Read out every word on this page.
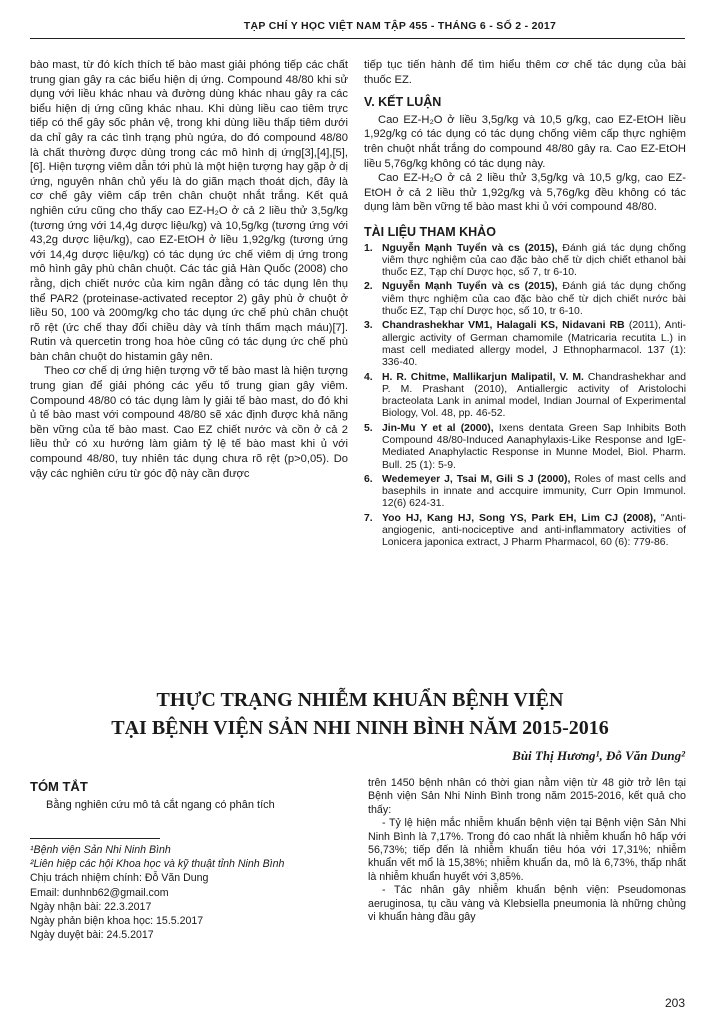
TẠP CHÍ Y HỌC VIỆT NAM TẬP 455 - THÁNG 6 - SỐ 2 - 2017

bào mast, từ đó kích thích tế bào mast giải phóng tiếp các chất trung gian gây ra các biểu hiện dị ứng. Compound 48/80 khi sử dụng với liều khác nhau và đường dùng khác nhau gây ra các biểu hiện dị ứng cũng khác nhau. Khi dùng liều cao tiêm trực tiếp có thể gây sốc phản vệ, trong khi dùng liều thấp tiêm dưới da chỉ gây ra các tình trạng phù ngứa, do đó compound 48/80 là chất thường được dùng trong các mô hình dị ứng[3],[4],[5],[6]. Hiện tượng viêm dẫn tới phù là một hiện tượng hay gặp ở dị ứng, nguyên nhân chủ yếu là do giãn mạch thoát dịch, đây là cơ chế gây viêm cấp trên chân chuột nhắt trắng. Kết quả nghiên cứu cũng cho thấy cao EZ-H₂O ở cả 2 liều thử 3,5g/kg (tương ứng với 14,4g dược liệu/kg) và 10,5g/kg (tương ứng với 43,2g dược liệu/kg), cao EZ-EtOH ở liều 1,92g/kg (tương ứng với 14,4g dược liệu/kg) có tác dụng ức chế viêm dị ứng trong mô hình gây phù chân chuột. Các tác giả Hàn Quốc (2008) cho rằng, dịch chiết nước của kim ngân đằng có tác dụng lên thụ thể PAR2 (proteinase-activated receptor 2) gây phù ở chuột ở liều 50, 100 và 200mg/kg cho tác dụng ức chế phù chân chuột rõ rệt (ức chế thay đổi chiều dày và tính thấm mạch máu)[7]. Rutin và quercetin trong hoa hòe cũng có tác dụng ức chế phù bàn chân chuột do histamin gây nên.

Theo cơ chế dị ứng hiện tượng vỡ tế bào mast là hiện tượng trung gian để giải phóng các yếu tố trung gian gây viêm. Compound 48/80 có tác dụng làm ly giải tế bào mast, do đó khi ủ tế bào mast với compound 48/80 sẽ xác định được khả năng bền vững của tế bào mast. Cao EZ chiết nước và cồn ở cả 2 liều thử có xu hướng làm giảm tỷ lệ tế bào mast khi ủ với compound 48/80, tuy nhiên tác dụng chưa rõ rệt (p>0,05). Do vậy các nghiên cứu từ góc độ này cần được

tiếp tục tiến hành để tìm hiểu thêm cơ chế tác dụng của bài thuốc EZ.

V. KẾT LUẬN

Cao EZ-H₂O ở liều 3,5g/kg và 10,5 g/kg, cao EZ-EtOH liều 1,92g/kg có tác dụng có tác dụng chống viêm cấp thực nghiệm trên chuột nhắt trắng do compound 48/80 gây ra. Cao EZ-EtOH liều 5,76g/kg không có tác dụng này.

Cao EZ-H₂O ở cả 2 liều thử 3,5g/kg và 10,5 g/kg, cao EZ-EtOH ở cả 2 liều thử 1,92g/kg và 5,76g/kg đều không có tác dụng làm bền vững tế bào mast khi ủ với compound 48/80.

TÀI LIỆU THAM KHẢO
1. Nguyễn Mạnh Tuyển và cs (2015), Đánh giá tác dụng chống viêm thực nghiệm của cao đặc bào chế từ dịch chiết ethanol bài thuốc EZ, Tạp chí Dược học, số 7, tr 6-10.
2. Nguyễn Mạnh Tuyển và cs (2015), Đánh giá tác dụng chống viêm thực nghiệm của cao đặc bào chế từ dịch chiết nước bài thuốc EZ, Tạp chí Dược học, số 10, tr 6-10.
3. Chandrashekhar VM1, Halagali KS, Nidavani RB (2011), Anti-allergic activity of German chamomile (Matricaria recutita L.) in mast cell mediated allergy model, J Ethnopharmacol. 137 (1): 336-40.
4. H. R. Chitme, Mallikarjun Malipatil, V. M. Chandrashekhar and P. M. Prashant (2010), Antiallergic activity of Aristolochi bracteolata Lank in animal model, Indian Journal of Experimental Biology, Vol. 48, pp. 46-52.
5. Jin-Mu Y et al (2000), Ixens dentata Green Sap Inhibits Both Compound 48/80-Induced Aanaphylaxis-Like Response and IgE-Mediated Anaphylactic Response in Munne Model, Biol. Pharm. Bull. 25 (1): 5-9.
6. Wedemeyer J, Tsai M, Gili S J (2000), Roles of mast cells and basephils in innate and accquire immunity, Curr Opin Immunol. 12(6) 624-31.
7. Yoo HJ, Kang HJ, Song YS, Park EH, Lim CJ (2008), "Anti-angiogenic, anti-nociceptive and anti-inflammatory activities of Lonicera japonica extract, J Pharm Pharmacol, 60 (6): 779-86.
THỰC TRẠNG NHIỄM KHUẨN BỆNH VIỆN
TẠI BỆNH VIỆN SẢN NHI NINH BÌNH NĂM 2015-2016
Bùi Thị Hương¹, Đỗ Văn Dung²
TÓM TẮT
Bằng nghiên cứu mô tả cắt ngang có phân tích
¹Bệnh viện Sản Nhi Ninh Bình
²Liên hiệp các hội Khoa học và kỹ thuật tỉnh Ninh Bình
Chịu trách nhiệm chính: Đỗ Văn Dung
Email: dunhnb62@gmail.com
Ngày nhận bài: 22.3.2017
Ngày phản biện khoa học: 15.5.2017
Ngày duyệt bài: 24.5.2017

trên 1450 bệnh nhân có thời gian nằm viện từ 48 giờ trở lên tại Bệnh viện Sản Nhi Ninh Bình trong năm 2015-2016, kết quả cho thấy:

- Tỷ lệ hiện mắc nhiễm khuẩn bệnh viện tại Bệnh viện Sản Nhi Ninh Bình là 7,17%. Trong đó cao nhất là nhiễm khuẩn hô hấp với 56,73%; tiếp đến là nhiễm khuẩn tiêu hóa với 17,31%; nhiễm khuẩn vết mổ là 15,38%; nhiễm khuẩn da, mô là 6,73%, thấp nhất là nhiễm khuẩn huyết với 3,85%.

- Tác nhân gây nhiễm khuẩn bệnh viện: Pseudomonas aeruginosa, tụ cầu vàng và Klebsiella pneumonia là những chủng vi khuẩn hàng đầu gây

203
